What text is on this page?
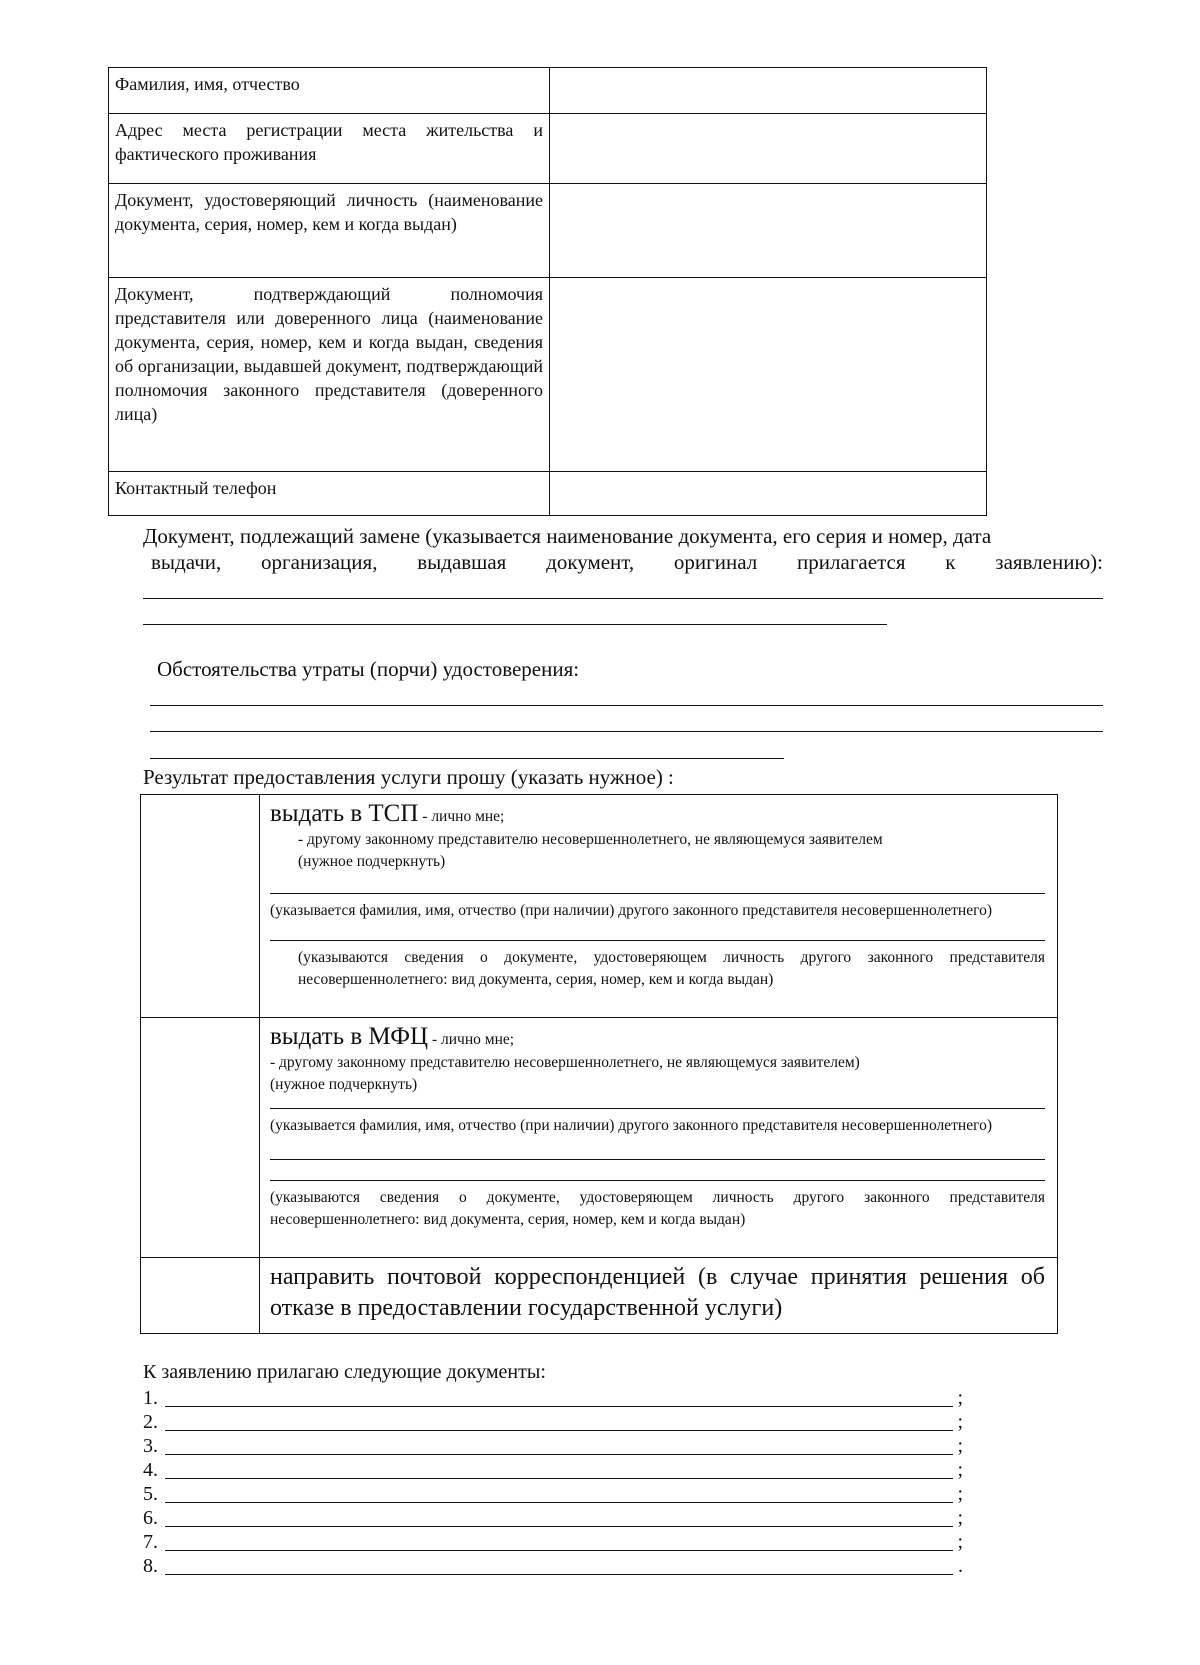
Фамилия, имя, отчество	
Адрес места регистрации места жительства и фактического проживания	
Документ, удостоверяющий личность (наименование документа, серия, номер, кем и когда выдан)	
Документ, подтверждающий полномочия представителя или доверенного лица (наименование документа, серия, номер, кем и когда выдан, сведения об организации, выдавшей документ, подтверждающий полномочия законного представителя (доверенного лица)	
Контактный телефон	
Документ, подлежащий замене (указывается наименование документа, его серия и номер, дата
выдачи, организация, выдавшая документ, оригинал прилагается к заявлению):
Обстоятельства утраты (порчи) удостоверения:
Результат предоставления услуги прошу (указать нужное) :

	выдать в ТСП - лично мне;
- другому законному представителю несовершеннолетнего, не являющемуся заявителем
(нужное подчеркнуть)
(указывается фамилия, имя, отчество (при наличии) другого законного представителя несовершеннолетнего)
(указываются сведения о документе, удостоверяющем личность другого законного представителя несовершеннолетнего: вид документа, серия, номер, кем и когда выдан)

	выдать в МФЦ - лично мне;
- другому законному представителю несовершеннолетнего, не являющемуся заявителем)
(нужное подчеркнуть)
(указывается фамилия, имя, отчество (при наличии) другого законного представителя несовершеннолетнего)
(указываются сведения о документе, удостоверяющем личность другого законного представителя несовершеннолетнего: вид документа, серия, номер, кем и когда выдан)

	направить почтовой корреспонденцией (в случае принятия решения об отказе в предоставлении государственной услуги)
К заявлению прилагаю следующие документы:
1.	;
2.	;
3.	;
4.	;
5.	;
6.	;
7.	;
8.	.
